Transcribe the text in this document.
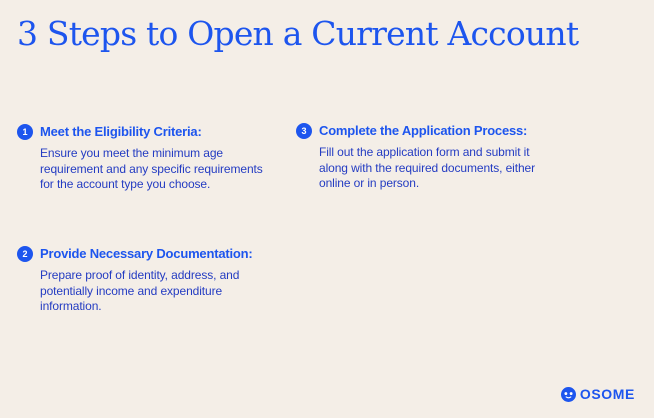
3 Steps to Open a Current Account
1 Meet the Eligibility Criteria:

Ensure you meet the minimum age requirement and any specific requirements for the account type you choose.

2 Provide Necessary Documentation:

Prepare proof of identity, address, and potentially income and expenditure information.

3 Complete the Application Process:

Fill out the application form and submit it along with the required documents, either online or in person.

OSOME
